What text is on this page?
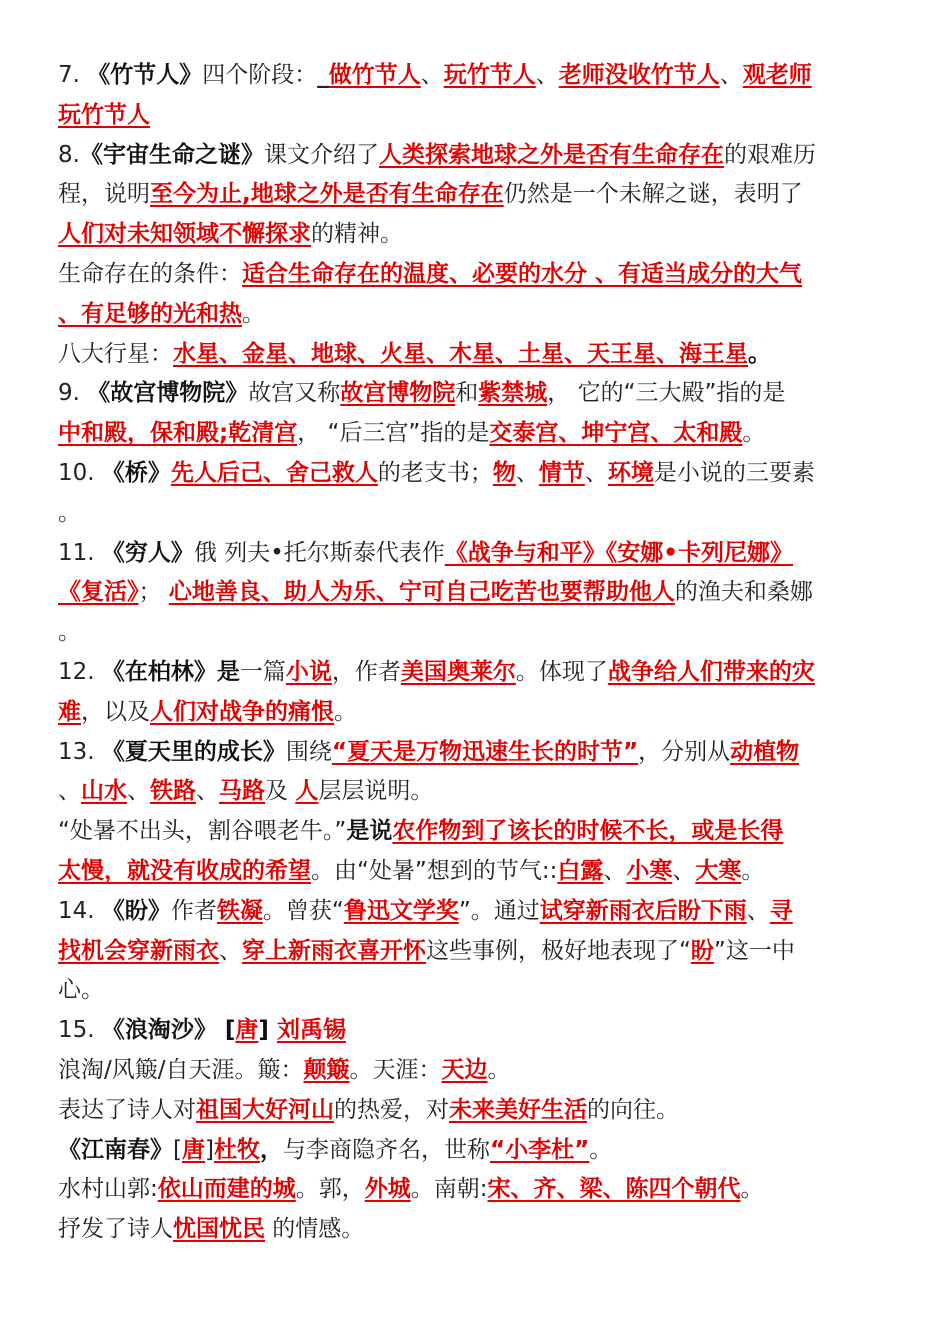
7. 《竹节人》四个阶段：_做竹节人、玩竹节人、老师没收竹节人、观老师
玩竹节人
8.《宇宙生命之谜》课文介绍了人类探索地球之外是否有生命存在的艰难历
程，说明至今为止,地球之外是否有生命存在仍然是一个未解之谜，表明了
人们对未知领域不懈探求的精神。
生命存在的条件：适合生命存在的温度、必要的水分 、有适当成分的大气
、有足够的光和热。
八大行星：水星、金星、地球、火星、木星、土星、天王星、海王星。
9. 《故宫博物院》故宫又称故宫博物院和紫禁城， 它的“三大殿”指的是
中和殿，保和殿;乾清宫， “后三宫”指的是交泰宫、坤宁宫、太和殿。
10. 《桥》先人后己、舍己救人的老支书；物、情节、环境是小说的三要素
。
11. 《穷人》俄 列夫•托尔斯泰代表作《战争与和平》《安娜•卡列尼娜》
《复活》； 心地善良、助人为乐、宁可自己吃苦也要帮助他人的渔夫和桑娜
。
12. 《在柏林》是一篇小说，作者美国奥莱尔。体现了战争给人们带来的灾
难，以及人们对战争的痛恨。
13. 《夏天里的成长》围绕“夏天是万物迅速生长的时节”，分别从动植物
、山水、铁路、马路及 人层层说明。
“处暑不出头，割谷喂老牛。”是说农作物到了该长的时候不长，或是长得
太慢，就没有收成的希望。由“处暑”想到的节气::白露、小寒、大寒。
14. 《盼》作者铁凝。曾获“鲁迅文学奖”。通过试穿新雨衣后盼下雨、寻
找机会穿新雨衣、穿上新雨衣喜开怀这些事例，极好地表现了“盼”这一中
心。
15. 《浪淘沙》 [唐] 刘禹锡
浪淘/风簸/自天涯。簸：颠簸。天涯：天边。
表达了诗人对祖国大好河山的热爱，对未来美好生活的向往。
《江南春》[唐]杜牧，与李商隐齐名，世称“小李杜”。
水村山郭:依山而建的城。郭，外城。南朝:宋、齐、梁、陈四个朝代。
抒发了诗人忧国忧民 的情感。
